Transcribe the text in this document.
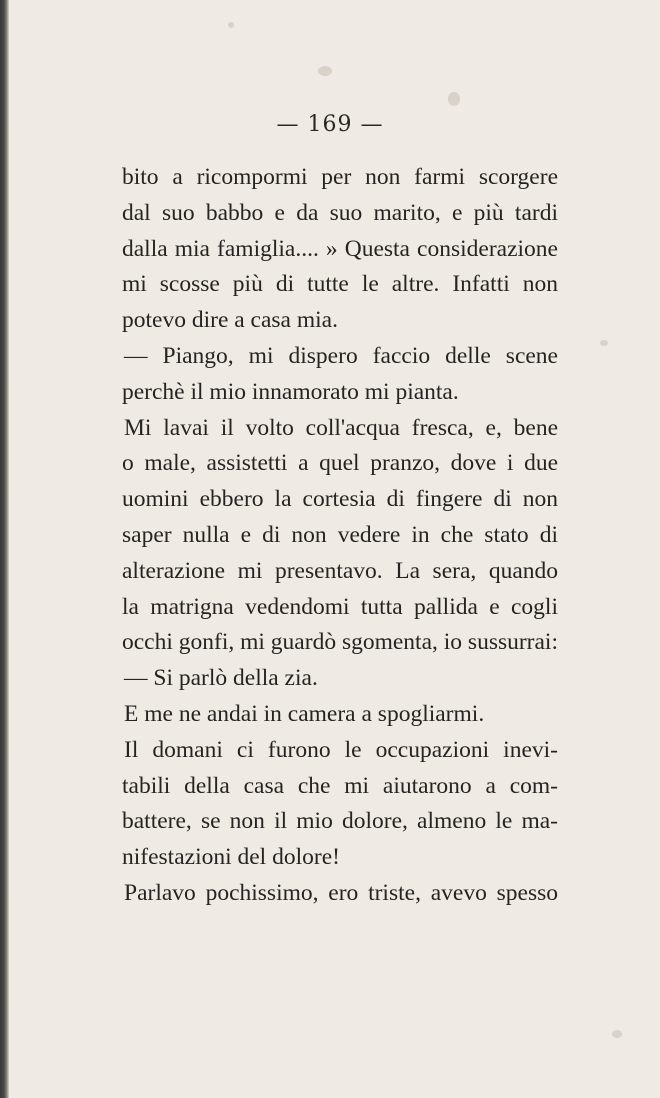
— 169 —
bito a ricompormi per non farmi scorgere
dal suo babbo e da suo marito, e più tardi
dalla mia famiglia.... » Questa considerazione
mi scosse più di tutte le altre. Infatti non
potevo dire a casa mia.
— Piango, mi dispero faccio delle scene
perchè il mio innamorato mi pianta.
Mi lavai il volto coll'acqua fresca, e, bene
o male, assistetti a quel pranzo, dove i due
uomini ebbero la cortesia di fingere di non
saper nulla e di non vedere in che stato di
alterazione mi presentavo. La sera, quando
la matrigna vedendomi tutta pallida e cogli
occhi gonfi, mi guardò sgomenta, io sussurrai:
— Si parlò della zia.
E me ne andai in camera a spogliarmi.
Il domani ci furono le occupazioni inevi-
tabili della casa che mi aiutarono a com-
battere, se non il mio dolore, almeno le ma-
nifestazioni del dolore!
Parlavo pochissimo, ero triste, avevo spesso
